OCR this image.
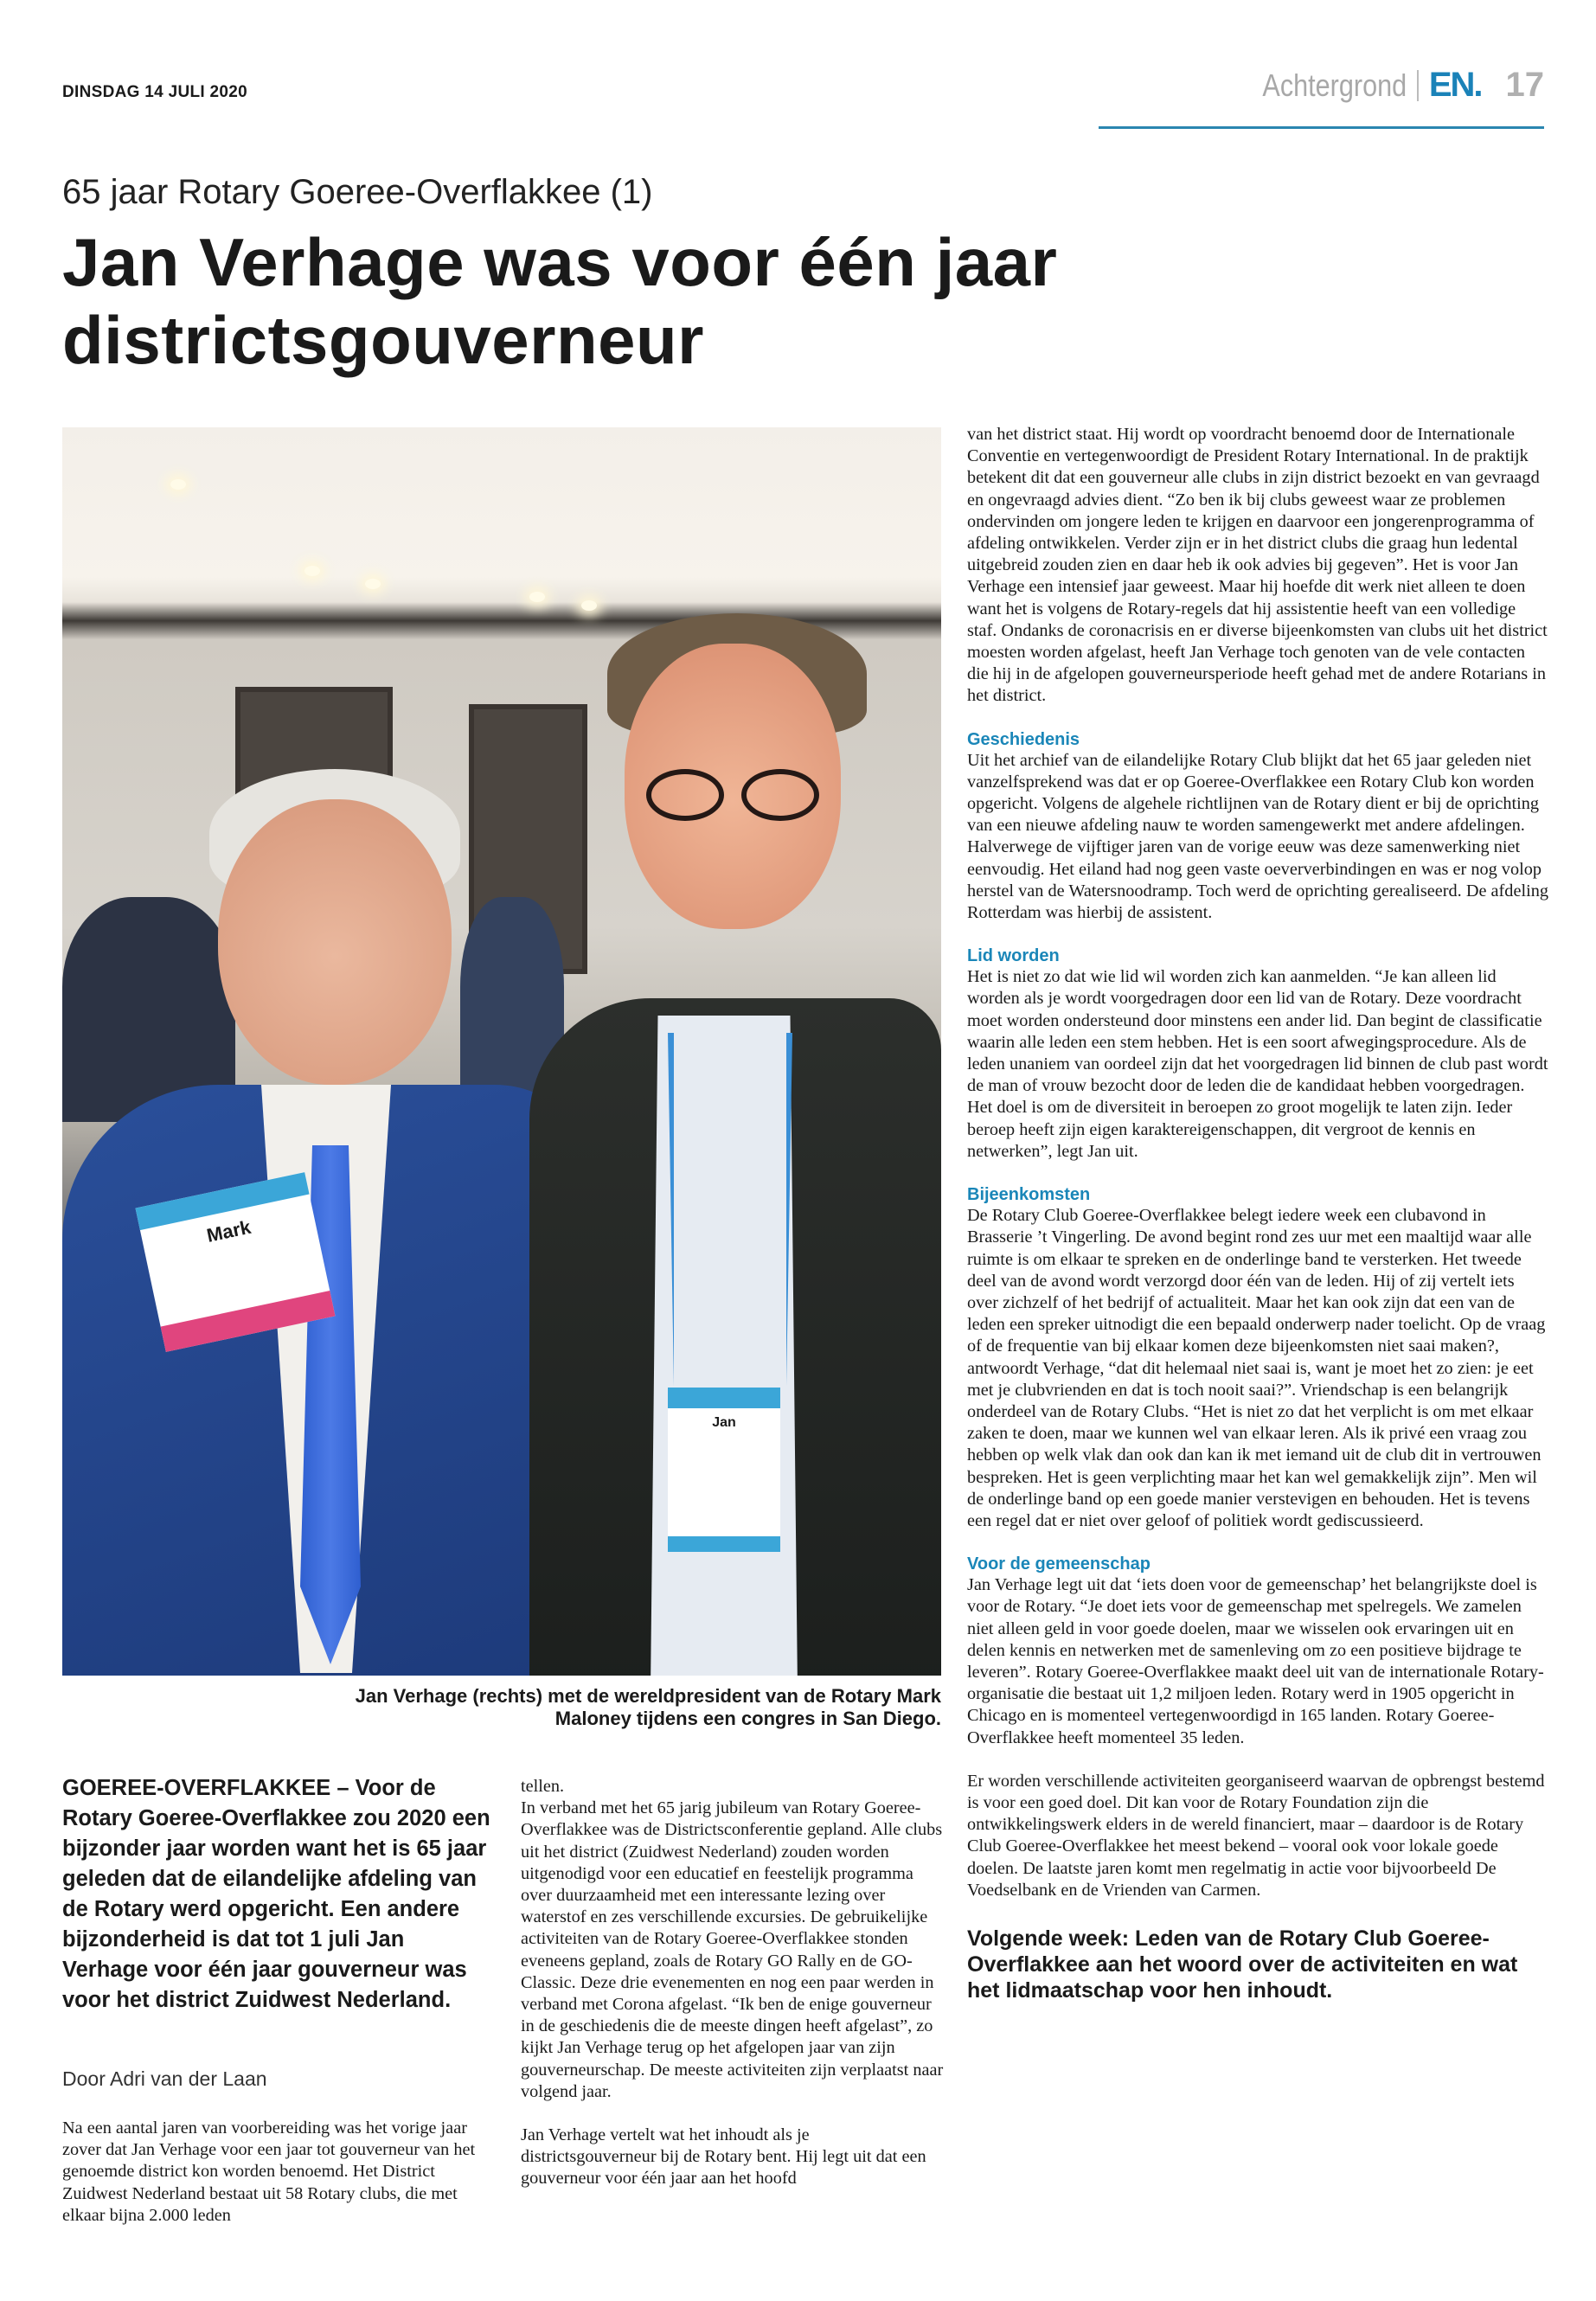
DINSDAG 14 JULI 2020	Achtergrond EN. 17
65 jaar Rotary Goeree-Overflakkee (1)
Jan Verhage was voor één jaar districtsgouverneur
Mark
Jan
Jan Verhage (rechts) met de wereldpresident van de Rotary Mark Maloney tijdens een congres in San Diego.

GOEREE-OVERFLAKKEE – Voor de Rotary Goeree-Overflakkee zou 2020 een bijzonder jaar worden want het is 65 jaar geleden dat de eilandelijke afdeling van de Rotary werd opgericht. Een andere bijzonderheid is dat tot 1 juli Jan Verhage voor één jaar gouverneur was voor het district Zuidwest Nederland.

Door Adri van der Laan

Na een aantal jaren van voorbereiding was het vorige jaar zover dat Jan Verhage voor een jaar tot gouverneur van het genoemde district kon worden benoemd. Het District Zuidwest Nederland bestaat uit 58 Rotary clubs, die met elkaar bijna 2.000 leden

tellen.

In verband met het 65 jarig jubileum van Rotary Goeree-Overflakkee was de Districtsconferentie gepland. Alle clubs uit het district (Zuidwest Nederland) zouden worden uitgenodigd voor een educatief en feestelijk programma over duurzaamheid met een interessante lezing over waterstof en zes verschillende excursies. De gebruikelijke activiteiten van de Rotary Goeree-Overflakkee stonden eveneens gepland, zoals de Rotary GO Rally en de GO-Classic. Deze drie evenementen en nog een paar werden in verband met Corona afgelast. “Ik ben de enige gouverneur in de geschiedenis die de meeste dingen heeft afgelast”, zo kijkt Jan Verhage terug op het afgelopen jaar van zijn gouverneurschap. De meeste activiteiten zijn verplaatst naar volgend jaar.

Jan Verhage vertelt wat het inhoudt als je districtsgouverneur bij de Rotary bent. Hij legt uit dat een gouverneur voor één jaar aan het hoofd

van het district staat. Hij wordt op voordracht benoemd door de Internationale Conventie en vertegenwoordigt de President Rotary International. In de praktijk betekent dit dat een gouverneur alle clubs in zijn district bezoekt en van gevraagd en ongevraagd advies dient. “Zo ben ik bij clubs geweest waar ze problemen ondervinden om jongere leden te krijgen en daarvoor een jongerenprogramma of afdeling ontwikkelen. Verder zijn er in het district clubs die graag hun ledental uitgebreid zouden zien en daar heb ik ook advies bij gegeven”. Het is voor Jan Verhage een intensief jaar geweest. Maar hij hoefde dit werk niet alleen te doen want het is volgens de Rotary-regels dat hij assistentie heeft van een volledige staf. Ondanks de coronacrisis en er diverse bijeenkomsten van clubs uit het district moesten worden afgelast, heeft Jan Verhage toch genoten van de vele contacten die hij in de afgelopen gouverneursperiode heeft gehad met de andere Rotarians in het district.

Geschiedenis

Uit het archief van de eilandelijke Rotary Club blijkt dat het 65 jaar geleden niet vanzelfsprekend was dat er op Goeree-Overflakkee een Rotary Club kon worden opgericht. Volgens de algehele richtlijnen van de Rotary dient er bij de oprichting van een nieuwe afdeling nauw te worden samengewerkt met andere afdelingen. Halverwege de vijftiger jaren van de vorige eeuw was deze samenwerking niet eenvoudig. Het eiland had nog geen vaste oeververbindingen en was er nog volop herstel van de Watersnoodramp. Toch werd de oprichting gerealiseerd. De afdeling Rotterdam was hierbij de assistent.

Lid worden

Het is niet zo dat wie lid wil worden zich kan aanmelden. “Je kan alleen lid worden als je wordt voorgedragen door een lid van de Rotary. Deze voordracht moet worden ondersteund door minstens een ander lid. Dan begint de classificatie waarin alle leden een stem hebben. Het is een soort afwegingsprocedure. Als de leden unaniem van oordeel zijn dat het voorgedragen lid binnen de club past wordt de man of vrouw bezocht door de leden die de kandidaat hebben voorgedragen. Het doel is om de diversiteit in beroepen zo groot mogelijk te laten zijn. Ieder beroep heeft zijn eigen karaktereigenschappen, dit vergroot de kennis en netwerken”, legt Jan uit.

Bijeenkomsten

De Rotary Club Goeree-Overflakkee belegt iedere week een clubavond in Brasserie ’t Vingerling. De avond begint rond zes uur met een maaltijd waar alle ruimte is om elkaar te spreken en de onderlinge band te versterken. Het tweede deel van de avond wordt verzorgd door één van de leden. Hij of zij vertelt iets over zichzelf of het bedrijf of actualiteit. Maar het kan ook zijn dat een van de leden een spreker uitnodigt die een bepaald onderwerp nader toelicht. Op de vraag of de frequentie van bij elkaar komen deze bijeenkomsten niet saai maken?, antwoordt Verhage, “dat dit helemaal niet saai is, want je moet het zo zien: je eet met je clubvrienden en dat is toch nooit saai?”. Vriendschap is een belangrijk onderdeel van de Rotary Clubs. “Het is niet zo dat het verplicht is om met elkaar zaken te doen, maar we kunnen wel van elkaar leren. Als ik privé een vraag zou hebben op welk vlak dan ook dan kan ik met iemand uit de club dit in vertrouwen bespreken. Het is geen verplichting maar het kan wel gemakkelijk zijn”. Men wil de onderlinge band op een goede manier verstevigen en behouden. Het is tevens een regel dat er niet over geloof of politiek wordt gediscussieerd.

Voor de gemeenschap

Jan Verhage legt uit dat ‘iets doen voor de gemeenschap’ het belangrijkste doel is voor de Rotary. “Je doet iets voor de gemeenschap met spelregels. We zamelen niet alleen geld in voor goede doelen, maar we wisselen ook ervaringen uit en delen kennis en netwerken met de samenleving om zo een positieve bijdrage te leveren”. Rotary Goeree-Overflakkee maakt deel uit van de internationale Rotary-organisatie die bestaat uit 1,2 miljoen leden. Rotary werd in 1905 opgericht in Chicago en is momenteel vertegenwoordigd in 165 landen. Rotary Goeree-Overflakkee heeft momenteel 35 leden.

Er worden verschillende activiteiten georganiseerd waarvan de opbrengst bestemd is voor een goed doel. Dit kan voor de Rotary Foundation zijn die ontwikkelingswerk elders in de wereld financiert, maar – daardoor is de Rotary Club Goeree-Overflakkee het meest bekend – vooral ook voor lokale goede doelen. De laatste jaren komt men regelmatig in actie voor bijvoorbeeld De Voedselbank en de Vrienden van Carmen.

Volgende week: Leden van de Rotary Club Goeree-Overflakkee aan het woord over de activiteiten en wat het lidmaatschap voor hen inhoudt.
